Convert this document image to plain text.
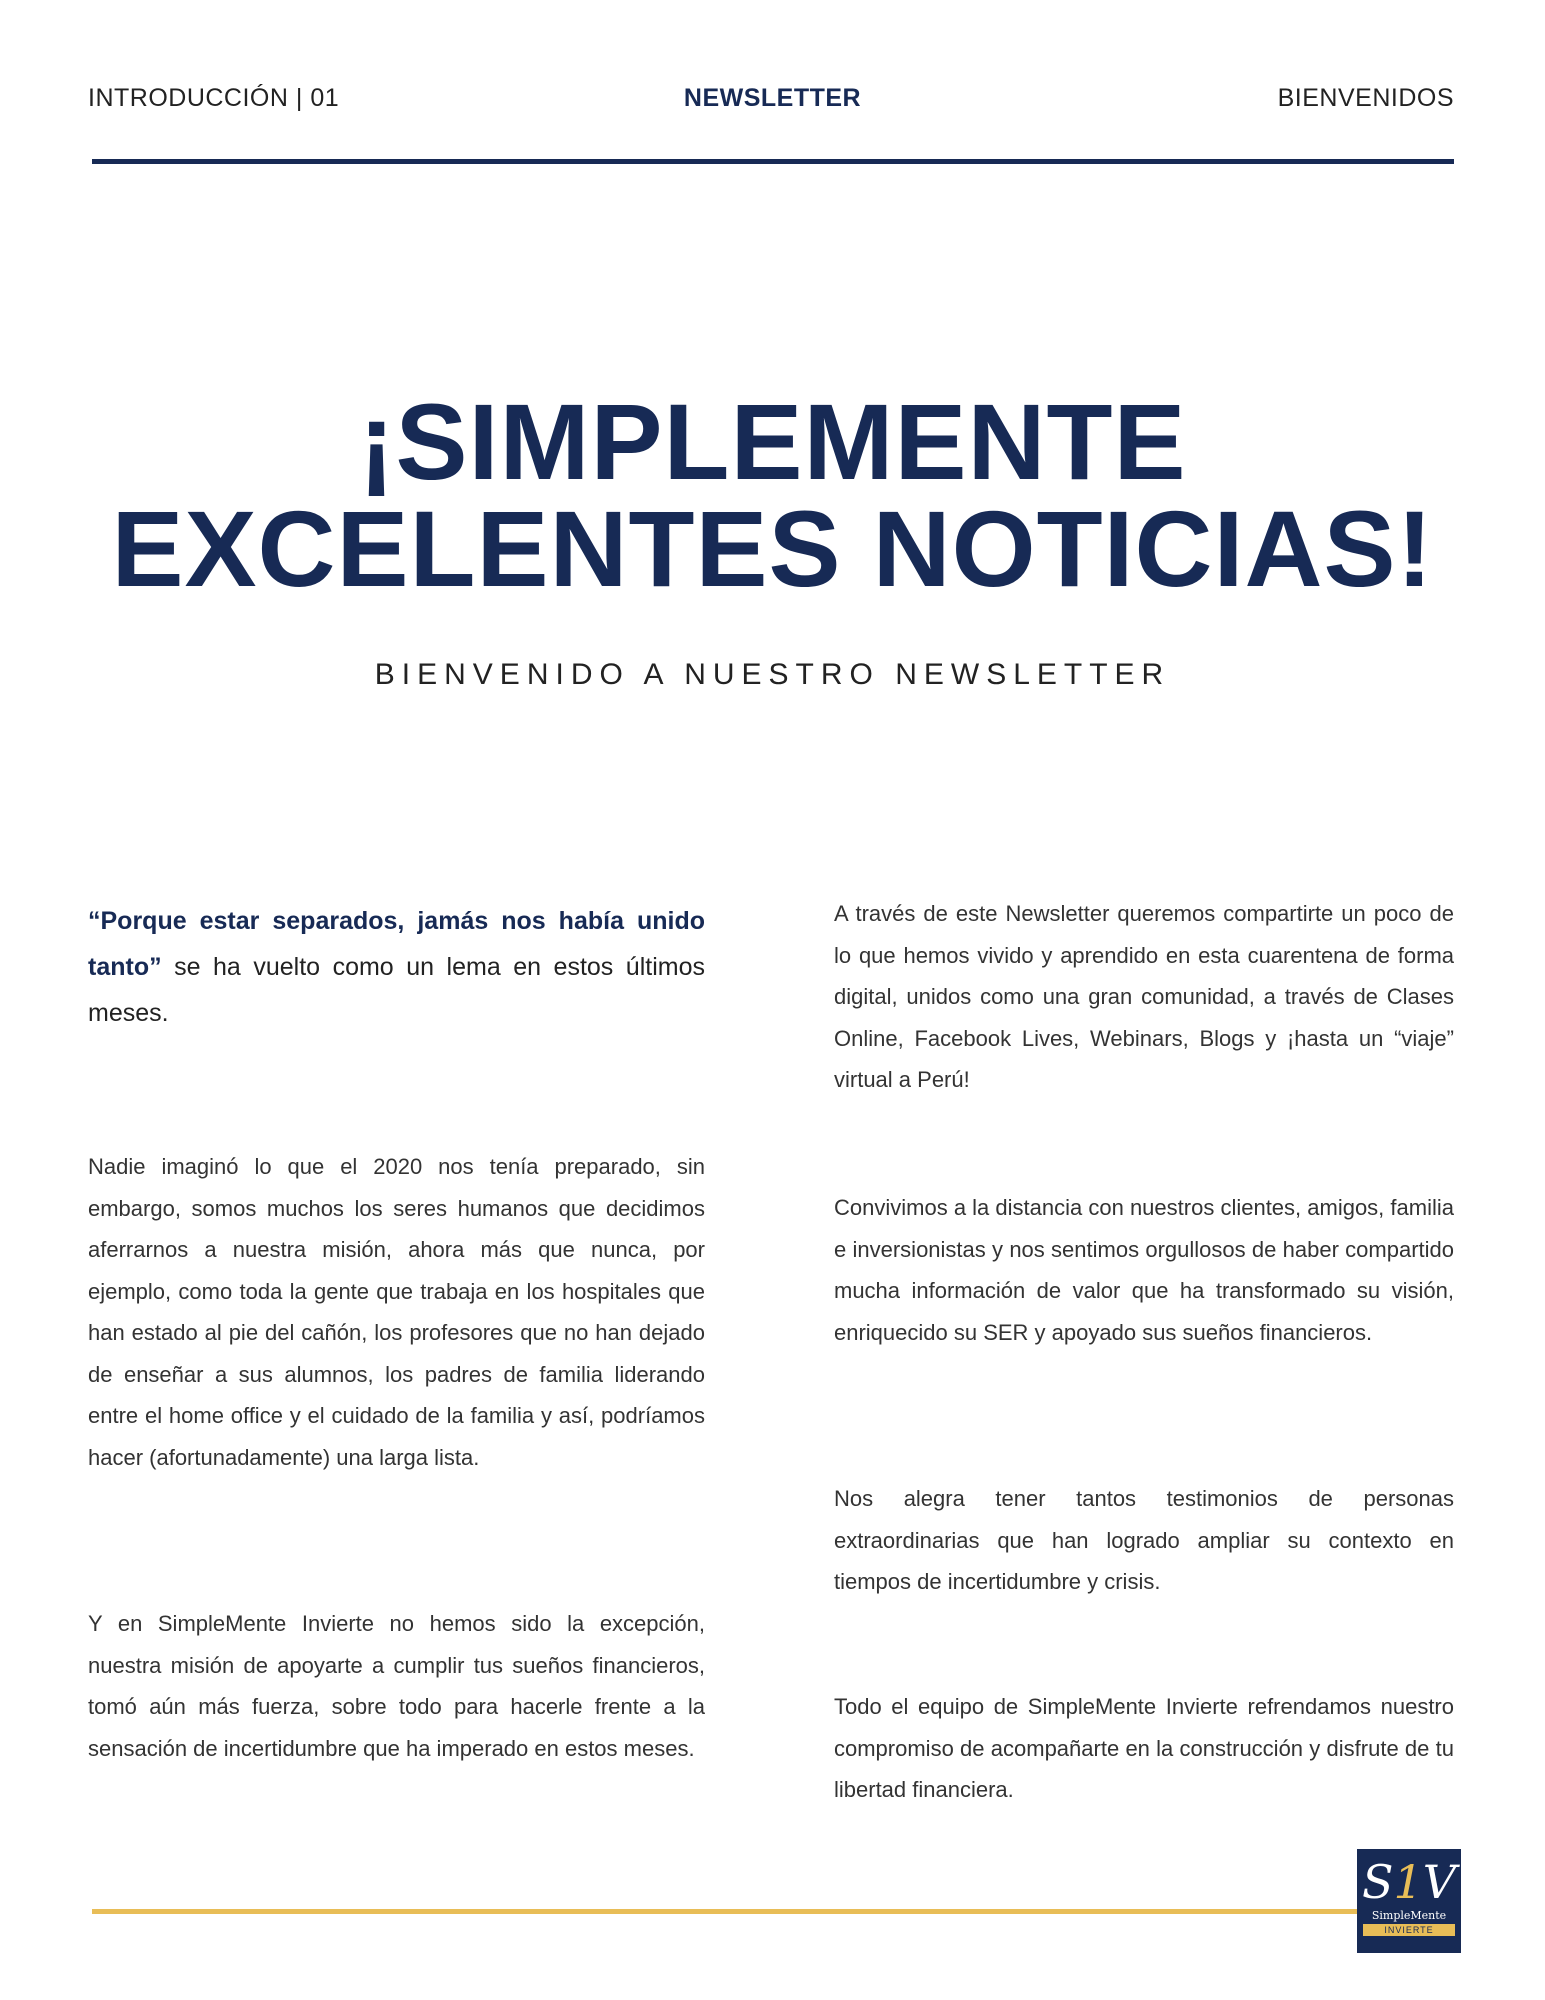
INTRODUCCIÓN | 01	NEWSLETTER	BIENVENIDOS
¡SIMPLEMENTE
EXCELENTES NOTICIAS!
BIENVENIDO A NUESTRO NEWSLETTER
“Porque estar separados, jamás nos había unido tanto” se ha vuelto como un lema en estos últimos meses.
Nadie imaginó lo que el 2020 nos tenía preparado, sin embargo, somos muchos los seres humanos que decidimos aferrarnos a nuestra misión, ahora más que nunca, por ejemplo, como toda la gente que trabaja en los hospitales que han estado al pie del cañón, los profesores que no han dejado de enseñar a sus alumnos, los padres de familia liderando entre el home office y el cuidado de la familia y así, podríamos hacer (afortunadamente) una larga lista.
Y en SimpleMente Invierte no hemos sido la excepción, nuestra misión de apoyarte a cumplir tus sueños financieros, tomó aún más fuerza, sobre todo para hacerle frente a la sensación de incertidumbre que ha imperado en estos meses.
A través de este Newsletter queremos compartirte un poco de lo que hemos vivido y aprendido en esta cuarentena de forma digital, unidos como una gran comunidad, a través de Clases Online, Facebook Lives, Webinars, Blogs y ¡hasta un “viaje” virtual a Perú!
Convivimos a la distancia con nuestros clientes, amigos, familia e inversionistas y nos sentimos orgullosos de haber compartido mucha información de valor que ha transformado su visión, enriquecido su SER y apoyado sus sueños financieros.
Nos alegra tener tantos testimonios de personas extraordinarias que han logrado ampliar su contexto en tiempos de incertidumbre y crisis.
Todo el equipo de SimpleMente Invierte refrendamos nuestro compromiso de acompañarte en la construcción y disfrute de tu libertad financiera.
S1V
SimpleMente
INVIERTE
